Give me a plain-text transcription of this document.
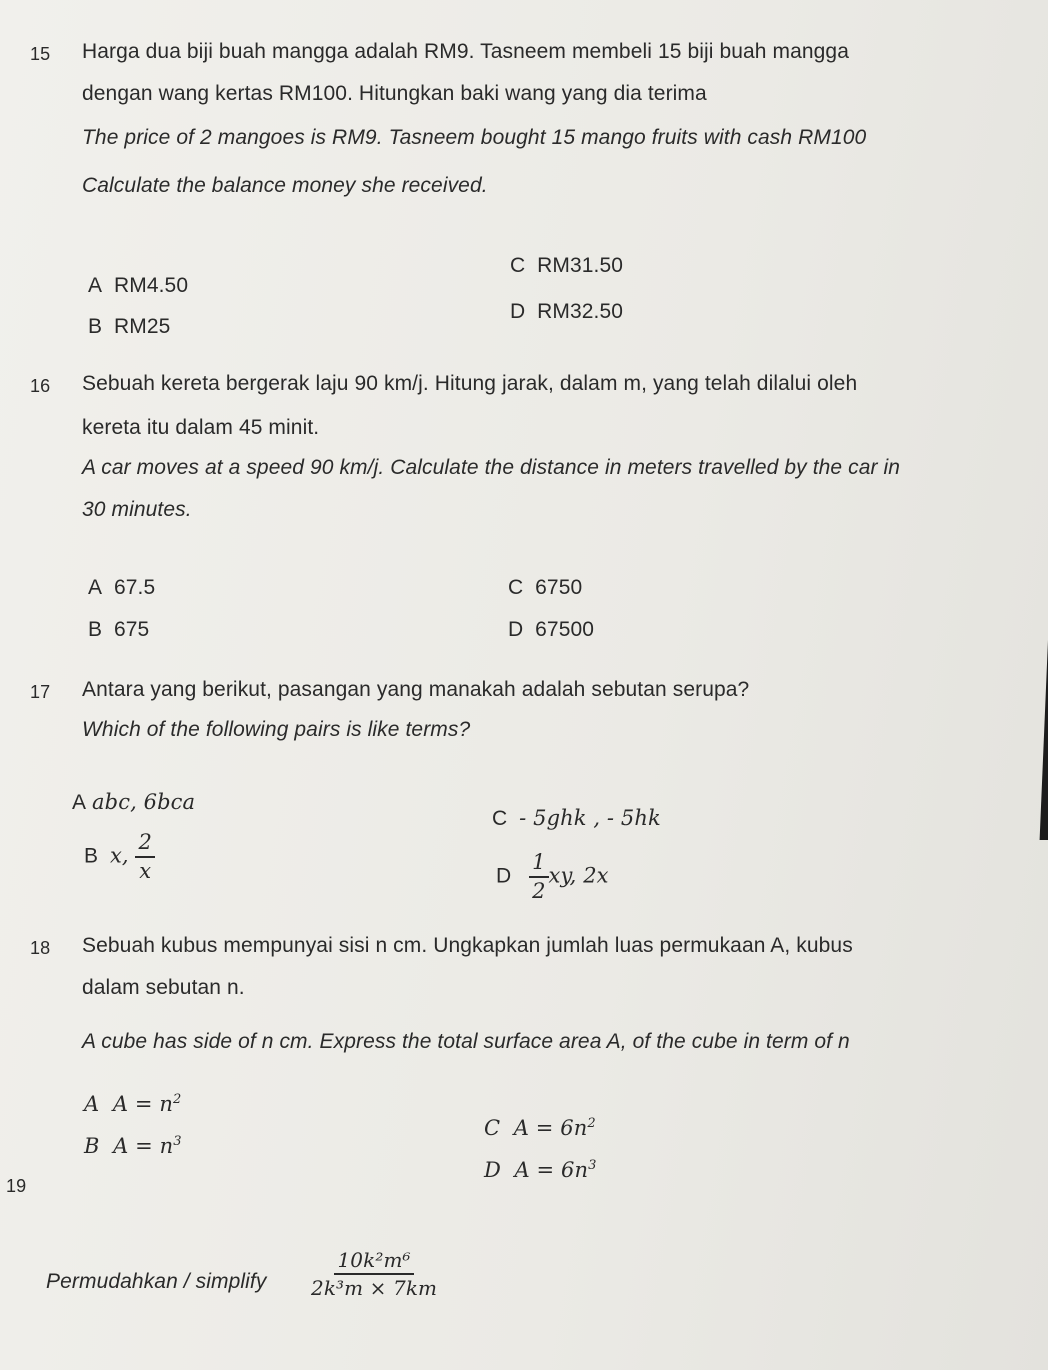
15 Harga dua biji buah mangga adalah RM9. Tasneem membeli 15 biji buah mangga
dengan wang kertas RM100. Hitungkan baki wang yang dia terima
The price of 2 mangoes is RM9. Tasneem bought 15 mango fruits with cash RM100
Calculate the balance money she received.
A RM4.50
B RM25
C RM31.50
D RM32.50
16 Sebuah kereta bergerak laju 90 km/j. Hitung jarak, dalam m, yang telah dilalui oleh
kereta itu dalam 45 minit.
A car moves at a speed 90 km/j. Calculate the distance in meters travelled by the car in
30 minutes.
A 67.5
B 675
C 6750
D 67500
17 Antara yang berikut, pasangan yang manakah adalah sebutan serupa?
Which of the following pairs is like terms?
A abc, 6bca
B x, $\frac{2}{x}$
C - 5ghk , - 5hk
D $\frac{1}{2}$ xy, 2x
18 Sebuah kubus mempunyai sisi n cm. Ungkapkan jumlah luas permukaan A, kubus
dalam sebutan n.
A cube has side of n cm. Express the total surface area A, of the cube in term of n
A $A = n^2$
B $A = n^3$
C $A = 6n^2$
D $A = 6n^3$
19
Permudahkan / simplify $\frac{\text{10k²m⁶}}{\text{2k³m × 7km}}$
